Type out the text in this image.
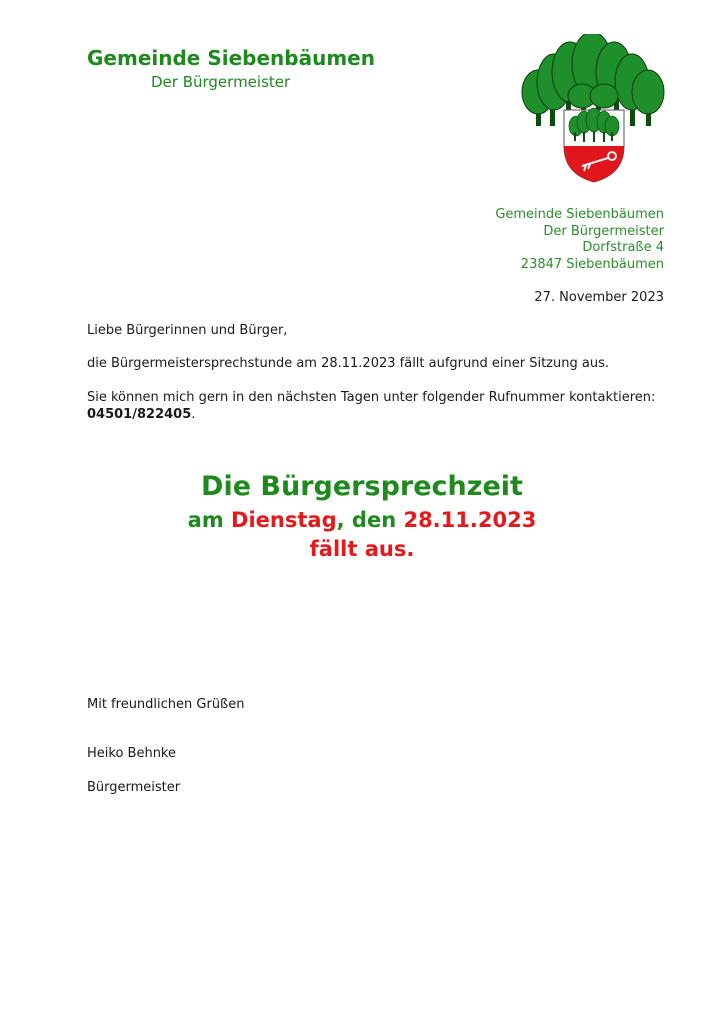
Gemeinde Siebenbäumen
Der Bürgermeister
Gemeinde Siebenbäumen
Der Bürgermeister
Dorfstraße 4
23847 Siebenbäumen
27. November 2023
Liebe Bürgerinnen und Bürger,
die Bürgermeistersprechstunde am 28.11.2023 fällt aufgrund einer Sitzung aus.
Sie können mich gern in den nächsten Tagen unter folgender Rufnummer kontaktieren:
04501/822405.
Die Bürgersprechzeit
am Dienstag, den 28.11.2023
fällt aus.
Mit freundlichen Grüßen
Heiko Behnke
Bürgermeister
